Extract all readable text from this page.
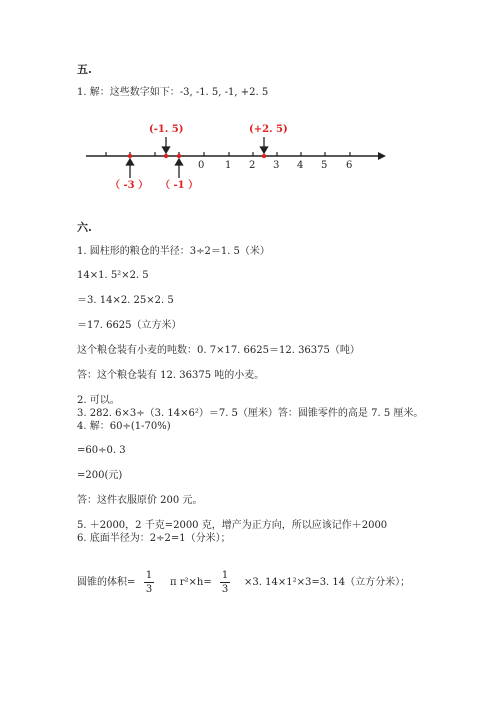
五.
1. 解：这些数字如下：-3, -1. 5, -1, +2. 5
0 1 2 3 4 5 6
(-1. 5)	(+2. 5)
（ -3 ） （ -1 ）
六.
1. 圆柱形的粮仓的半径：3÷2＝1. 5（米）
14×1. 5²×2. 5
＝3. 14×2. 25×2. 5
＝17. 6625（立方米）
这个粮仓装有小麦的吨数：0. 7×17. 6625＝12. 36375（吨）
答：这个粮仓装有 12. 36375 吨的小麦。
2. 可以。
3. 282. 6×3÷（3. 14×6²）＝7. 5（厘米）答：圆锥零件的高是 7. 5 厘米。
4. 解：60÷(1-70%)
=60÷0. 3
=200(元)
答：这件衣服原价 200 元。
5. ＋2000，2 千克=2000 克，增产为正方向，所以应该记作＋2000
6. 底面半径为：2÷2=1（分米）；
圆锥的体积=
1
3
π r²×h=
1
3
×3. 14×1²×3=3. 14（立方分米）；
